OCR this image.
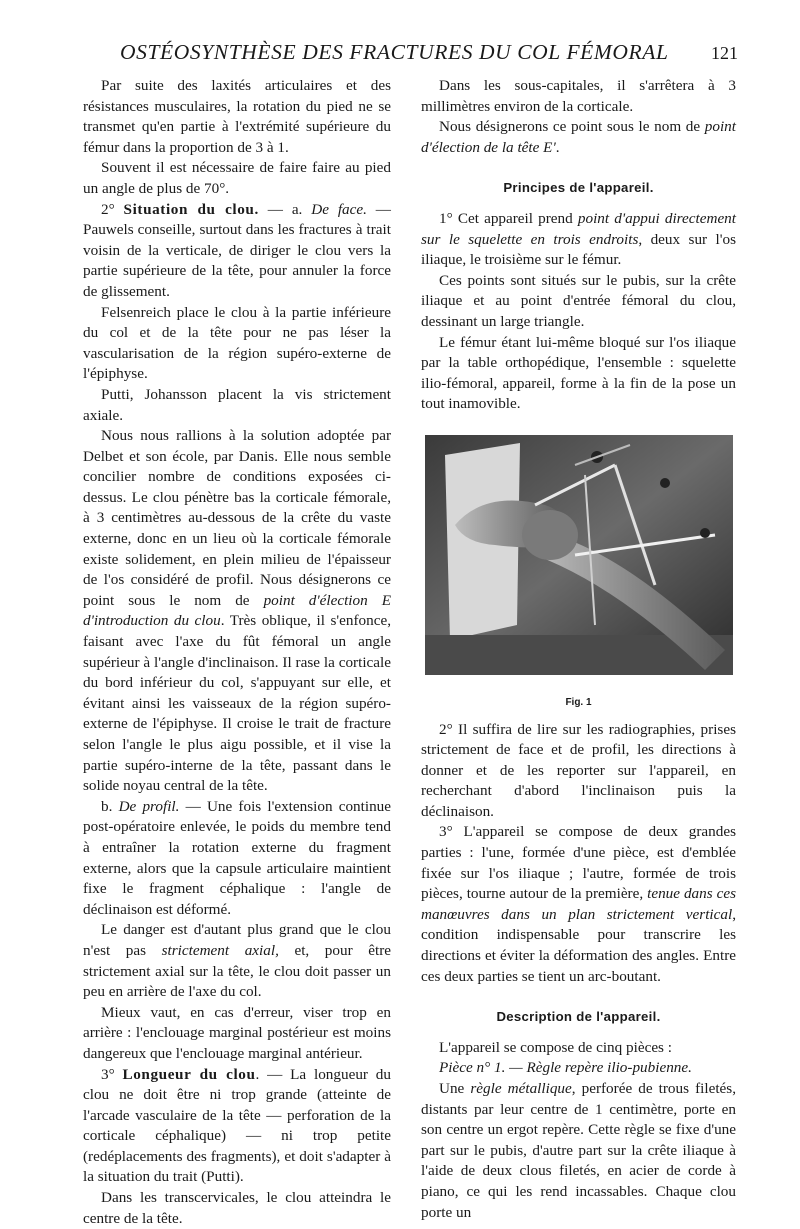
OSTÉOSYNTHÈSE DES FRACTURES DU COL FÉMORAL 121

Par suite des laxités articulaires et des résistances musculaires, la rotation du pied ne se transmet qu'en partie à l'extrémité supérieure du fémur dans la proportion de 3 à 1.

Souvent il est nécessaire de faire faire au pied un angle de plus de 70°.

2° Situation du clou. — a. De face. — Pauwels conseille, surtout dans les fractures à trait voisin de la verticale, de diriger le clou vers la partie supérieure de la tête, pour annuler la force de glissement.

Felsenreich place le clou à la partie inférieure du col et de la tête pour ne pas léser la vascularisation de la région supéro-externe de l'épiphyse.

Putti, Johansson placent la vis strictement axiale.

Nous nous rallions à la solution adoptée par Delbet et son école, par Danis. Elle nous semble concilier nombre de conditions exposées ci-dessus. Le clou pénètre bas la corticale fémorale, à 3 centimètres au-dessous de la crête du vaste externe, donc en un lieu où la corticale fémorale existe solidement, en plein milieu de l'épaisseur de l'os considéré de profil. Nous désignerons ce point sous le nom de point d'élection E d'introduction du clou. Très oblique, il s'enfonce, faisant avec l'axe du fût fémoral un angle supérieur à l'angle d'inclinaison. Il rase la corticale du bord inférieur du col, s'appuyant sur elle, et évitant ainsi les vaisseaux de la région supéro-externe de l'épiphyse. Il croise le trait de fracture selon l'angle le plus aigu possible, et il vise la partie supéro-interne de la tête, passant dans le solide noyau central de la tête.

b. De profil. — Une fois l'extension continue post-opératoire enlevée, le poids du membre tend à entraîner la rotation externe du fragment externe, alors que la capsule articulaire maintient fixe le fragment céphalique : l'angle de déclinaison est déformé.

Le danger est d'autant plus grand que le clou n'est pas strictement axial, et, pour être strictement axial sur la tête, le clou doit passer un peu en arrière de l'axe du col.

Mieux vaut, en cas d'erreur, viser trop en arrière : l'enclouage marginal postérieur est moins dangereux que l'enclouage marginal antérieur.

3° Longueur du clou. — La longueur du clou ne doit être ni trop grande (atteinte de l'arcade vasculaire de la tête — perforation de la corticale céphalique) — ni trop petite (redéplacements des fragments), et doit s'adapter à la situation du trait (Putti).

Dans les transcervicales, le clou atteindra le centre de la tête.

Dans les sous-capitales, il s'arrêtera à 3 millimètres environ de la corticale.

Nous désignerons ce point sous le nom de point d'élection de la tête E'.

Principes de l'appareil.

1° Cet appareil prend point d'appui directement sur le squelette en trois endroits, deux sur l'os iliaque, le troisième sur le fémur.

Ces points sont situés sur le pubis, sur la crête iliaque et au point d'entrée fémoral du clou, dessinant un large triangle.

Le fémur étant lui-même bloqué sur l'os iliaque par la table orthopédique, l'ensemble : squelette ilio-fémoral, appareil, forme à la fin de la pose un tout inamovible.

Fig. 1

2° Il suffira de lire sur les radiographies, prises strictement de face et de profil, les directions à donner et de les reporter sur l'appareil, en recherchant d'abord l'inclinaison puis la déclinaison.

3° L'appareil se compose de deux grandes parties : l'une, formée d'une pièce, est d'emblée fixée sur l'os iliaque ; l'autre, formée de trois pièces, tourne autour de la première, tenue dans ces manœuvres dans un plan strictement vertical, condition indispensable pour transcrire les directions et éviter la déformation des angles. Entre ces deux parties se tient un arc-boutant.

Description de l'appareil.

L'appareil se compose de cinq pièces :

Pièce n° 1. — Règle repère ilio-pubienne.

Une règle métallique, perforée de trous filetés, distants par leur centre de 1 centimètre, porte en son centre un ergot repère. Cette règle se fixe d'une part sur le pubis, d'autre part sur la crête iliaque à l'aide de deux clous filetés, en acier de corde à piano, ce qui les rend incassables. Chaque clou porte un
